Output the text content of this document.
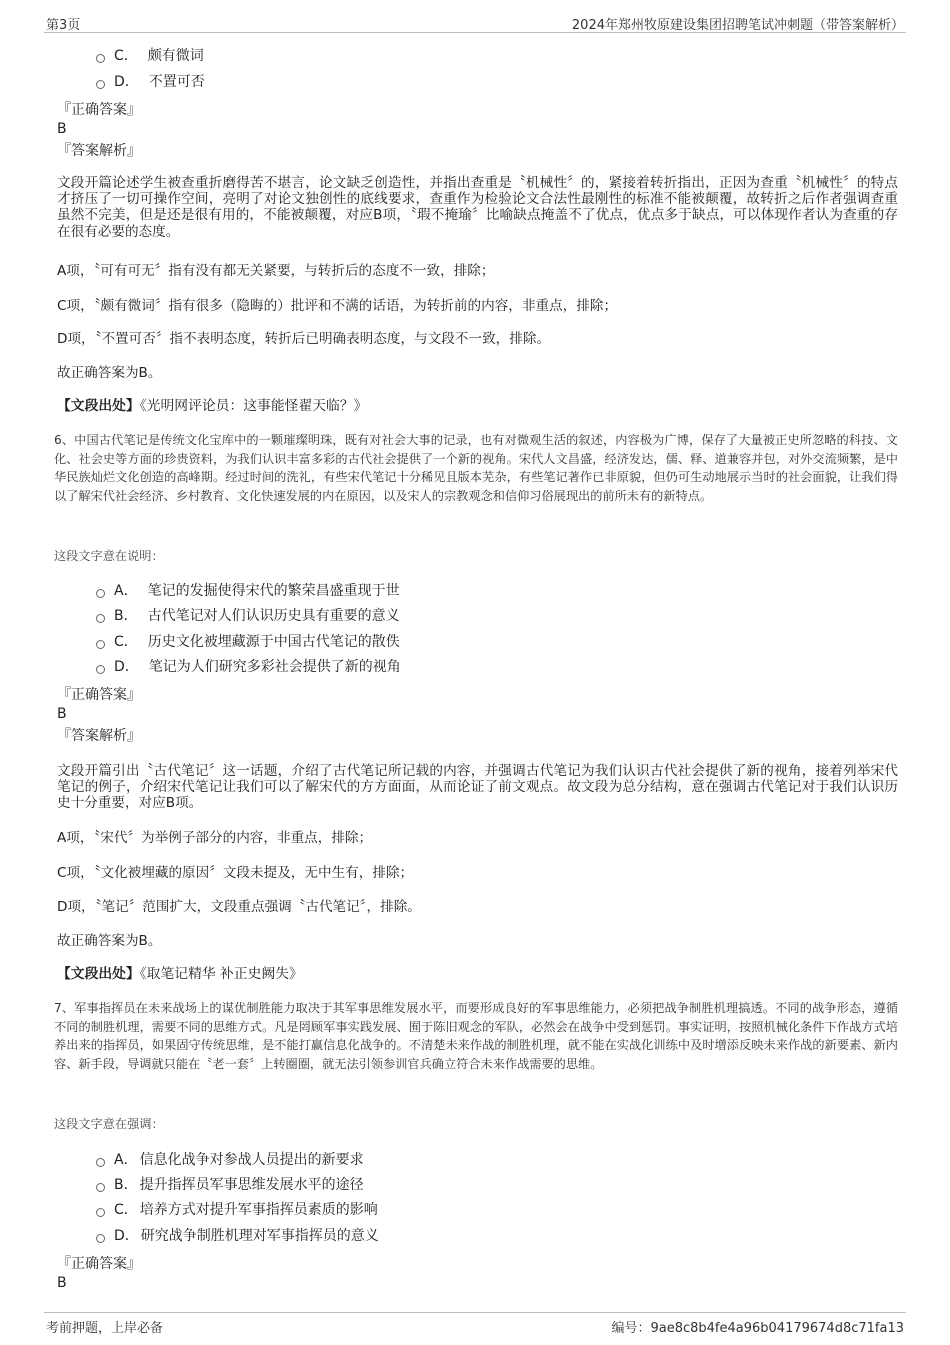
第3页	2024年郑州牧原建设集团招聘笔试冲刺题（带答案解析）
C． 颇有微词
D． 不置可否
『正确答案』
B
『答案解析』
文段开篇论述学生被查重折磨得苦不堪言，论文缺乏创造性，并指出查重是〝机械性〞的，紧接着转折指出，正因为查重〝机械性〞的特点才挤压了一切可操作空间，亮明了对论文独创性的底线要求，查重作为检验论文合法性最刚性的标准不能被颠覆，故转折之后作者强调查重虽然不完美，但是还是很有用的，不能被颠覆，对应B项，〝瑕不掩瑜〞比喻缺点掩盖不了优点，优点多于缺点，可以体现作者认为查重的存在很有必要的态度。
A项，〝可有可无〞指有没有都无关紧要，与转折后的态度不一致，排除；
C项，〝颇有微词〞指有很多（隐晦的）批评和不满的话语，为转折前的内容，非重点，排除；
D项，〝不置可否〞指不表明态度，转折后已明确表明态度，与文段不一致，排除。
故正确答案为B。
【文段出处】《光明网评论员：这事能怪翟天临？》
6、中国古代笔记是传统文化宝库中的一颗璀璨明珠，既有对社会大事的记录，也有对微观生活的叙述，内容极为广博，保存了大量被正史所忽略的科技、文化、社会史等方面的珍贵资料，为我们认识丰富多彩的古代社会提供了一个新的视角。宋代人文昌盛，经济发达，儒、释、道兼容并包，对外交流频繁，是中华民族灿烂文化创造的高峰期。经过时间的洗礼，有些宋代笔记十分稀见且版本芜杂，有些笔记著作已非原貌，但仍可生动地展示当时的社会面貌，让我们得以了解宋代社会经济、乡村教育、文化快速发展的内在原因，以及宋人的宗教观念和信仰习俗展现出的前所未有的新特点。
这段文字意在说明：
A． 笔记的发掘使得宋代的繁荣昌盛重现于世
B． 古代笔记对人们认识历史具有重要的意义
C． 历史文化被埋藏源于中国古代笔记的散佚
D． 笔记为人们研究多彩社会提供了新的视角
『正确答案』
B
『答案解析』
文段开篇引出〝古代笔记〞这一话题，介绍了古代笔记所记载的内容，并强调古代笔记为我们认识古代社会提供了新的视角，接着列举宋代笔记的例子，介绍宋代笔记让我们可以了解宋代的方方面面，从而论证了前文观点。故文段为总分结构，意在强调古代笔记对于我们认识历史十分重要，对应B项。
A项，〝宋代〞为举例子部分的内容，非重点，排除；
C项，〝文化被埋藏的原因〞文段未提及，无中生有，排除；
D项，〝笔记〞范围扩大，文段重点强调〝古代笔记〞，排除。
故正确答案为B。
【文段出处】《取笔记精华 补正史阙失》
7、军事指挥员在未来战场上的谋优制胜能力取决于其军事思维发展水平，而要形成良好的军事思维能力，必须把战争制胜机理搞透。不同的战争形态，遵循不同的制胜机理，需要不同的思维方式。凡是罔顾军事实践发展、囿于陈旧观念的军队，必然会在战争中受到惩罚。事实证明，按照机械化条件下作战方式培养出来的指挥员，如果固守传统思维，是不能打赢信息化战争的。不清楚未来作战的制胜机理，就不能在实战化训练中及时增添反映未来作战的新要素、新内容、新手段，导调就只能在〝老一套〞上转圈圈，就无法引领参训官兵确立符合未来作战需要的思维。
这段文字意在强调：
A． 信息化战争对参战人员提出的新要求
B． 提升指挥员军事思维发展水平的途径
C． 培养方式对提升军事指挥员素质的影响
D． 研究战争制胜机理对军事指挥员的意义
『正确答案』
B
考前押题，上岸必备	编号：9ae8c8b4fe4a96b04179674d8c71fa13
